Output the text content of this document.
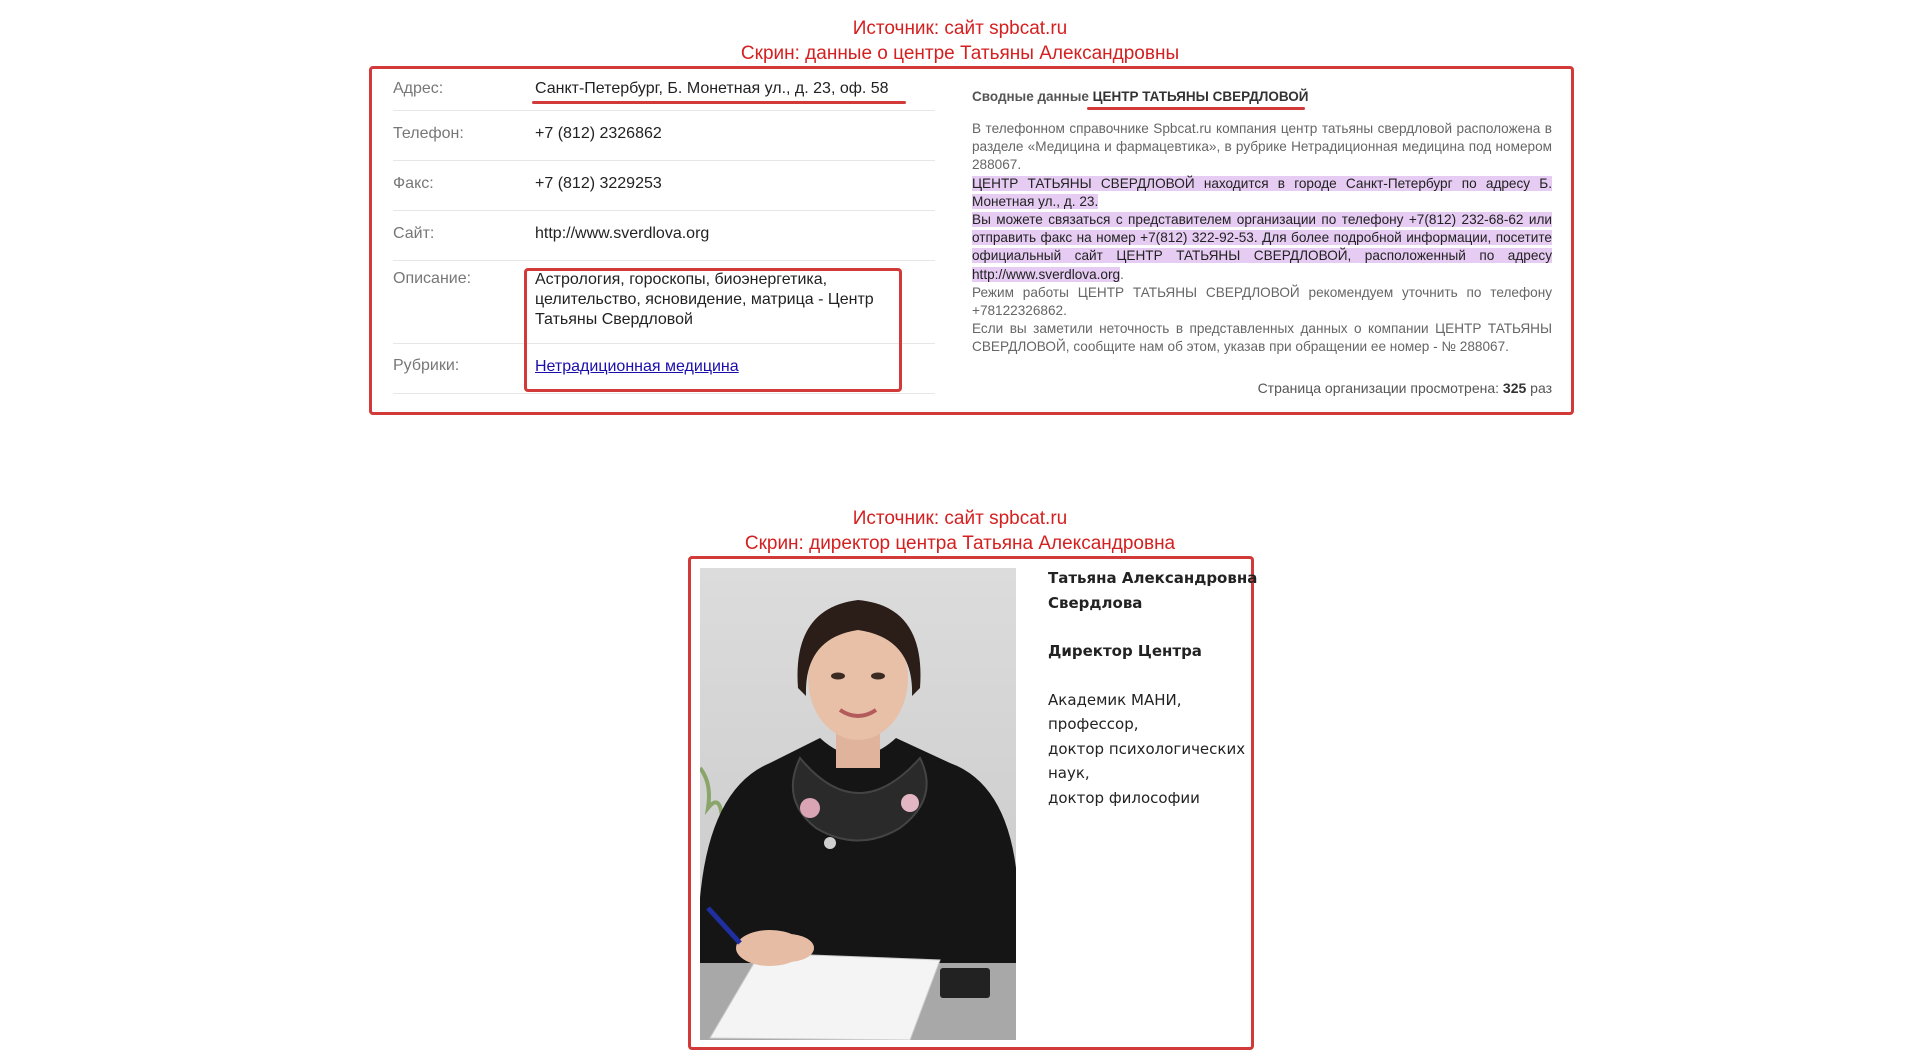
Источник: сайт spbcat.ru
Скрин: данные о центре Татьяны Александровны
Адрес:	Санкт-Петербург, Б. Монетная ул., д. 23, оф. 58
Телефон:	+7 (812) 2326862
Факс:	+7 (812) 3229253
Сайт:	http://www.sverdlova.org
Описание:	Астрология, гороскопы, биоэнергетика, целительство, ясновидение, матрица - Центр Татьяны Свердловой
Рубрики:	Нетрадиционная медицина
Сводные данные ЦЕНТР ТАТЬЯНЫ СВЕРДЛОВОЙ
В телефонном справочнике Spbcat.ru компания центр татьяны свердловой расположена в разделе «Медицина и фармацевтика», в рубрике Нетрадиционная медицина под номером 288067.
ЦЕНТР ТАТЬЯНЫ СВЕРДЛОВОЙ находится в городе Санкт-Петербург по адресу Б. Монетная ул., д. 23.
Вы можете связаться с представителем организации по телефону +7(812) 232-68-62 или отправить факс на номер +7(812) 322-92-53. Для более подробной информации, посетите официальный сайт ЦЕНТР ТАТЬЯНЫ СВЕРДЛОВОЙ, расположенный по адресу http://www.sverdlova.org.
Режим работы ЦЕНТР ТАТЬЯНЫ СВЕРДЛОВОЙ рекомендуем уточнить по телефону +78122326862.
Если вы заметили неточность в представленных данных о компании ЦЕНТР ТАТЬЯНЫ СВЕРДЛОВОЙ, сообщите нам об этом, указав при обращении ее номер - № 288067.
Страница организации просмотрена: 325 раз
Источник: сайт spbcat.ru
Скрин: директор центра Татьяна Александровна
Татьяна Александровна
Свердлова
Директор Центра
Академик МАНИ,
профессор,
доктор психологических
наук,
доктор философии
